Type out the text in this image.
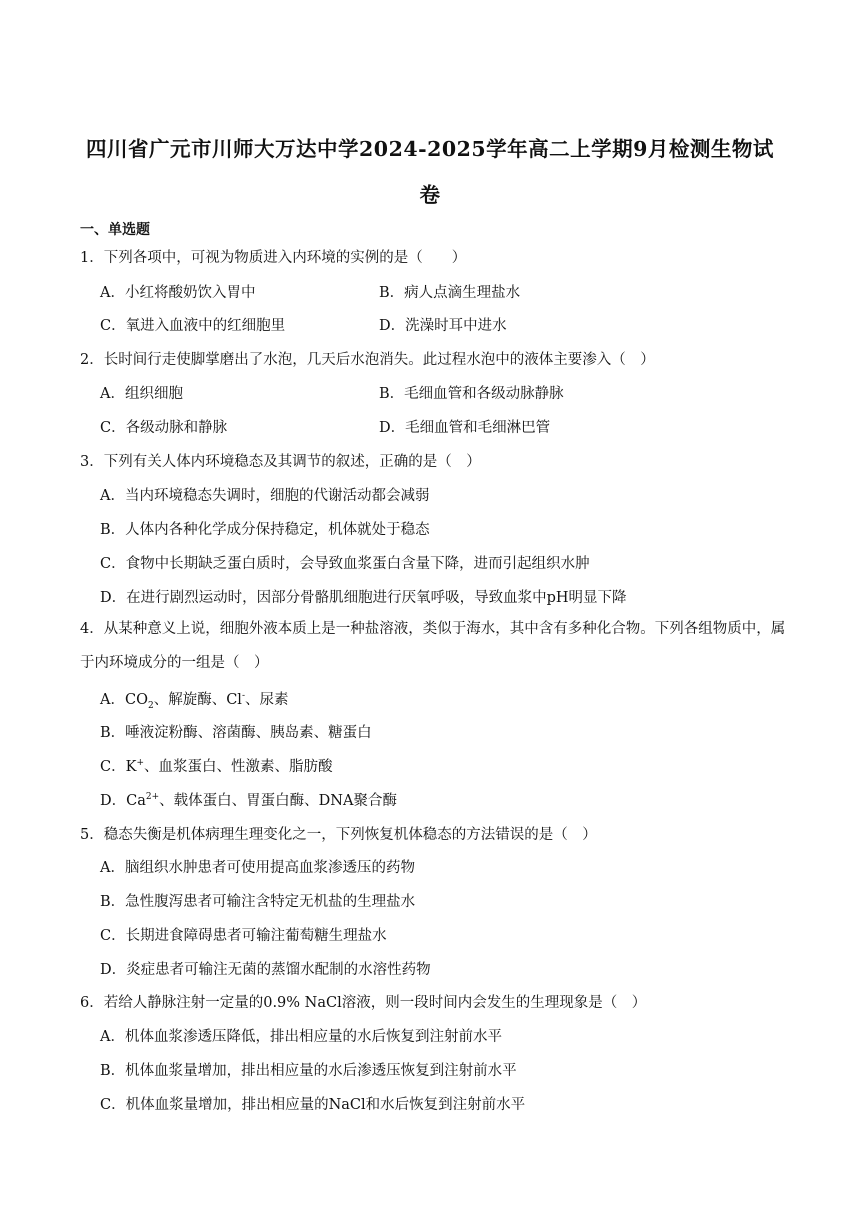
四川省广元市川师大万达中学2024-2025学年高二上学期9月检测生物试
卷
一、单选题
1．下列各项中，可视为物质进入内环境的实例的是（　　）
A．小红将酸奶饮入胃中	B．病人点滴生理盐水
C．氧进入血液中的红细胞里	D．洗澡时耳中进水
2．长时间行走使脚掌磨出了水泡，几天后水泡消失。此过程水泡中的液体主要渗入（　）
A．组织细胞	B．毛细血管和各级动脉静脉
C．各级动脉和静脉	D．毛细血管和毛细淋巴管
3．下列有关人体内环境稳态及其调节的叙述，正确的是（　）
A．当内环境稳态失调时，细胞的代谢活动都会减弱
B．人体内各种化学成分保持稳定，机体就处于稳态
C．食物中长期缺乏蛋白质时，会导致血浆蛋白含量下降，进而引起组织水肿
D．在进行剧烈运动时，因部分骨骼肌细胞进行厌氧呼吸，导致血浆中pH明显下降
4．从某种意义上说，细胞外液本质上是一种盐溶液，类似于海水，其中含有多种化合物。下列各组物质中，属于内环境成分的一组是（　）
A．$CO_2$、解旋酶、Cl-、尿素
B．唾液淀粉酶、溶菌酶、胰岛素、糖蛋白
C．K+、血浆蛋白、性激素、脂肪酸
D．$Ca^{2+}$、载体蛋白、胃蛋白酶、DNA聚合酶
5．稳态失衡是机体病理生理变化之一，下列恢复机体稳态的方法错误的是（　）
A．脑组织水肿患者可使用提高血浆渗透压的药物
B．急性腹泻患者可输注含特定无机盐的生理盐水
C．长期进食障碍患者可输注葡萄糖生理盐水
D．炎症患者可输注无菌的蒸馏水配制的水溶性药物
6．若给人静脉注射一定量的0.9% NaCl溶液，则一段时间内会发生的生理现象是（　）
A．机体血浆渗透压降低，排出相应量的水后恢复到注射前水平
B．机体血浆量增加，排出相应量的水后渗透压恢复到注射前水平
C．机体血浆量增加，排出相应量的NaCl和水后恢复到注射前水平
